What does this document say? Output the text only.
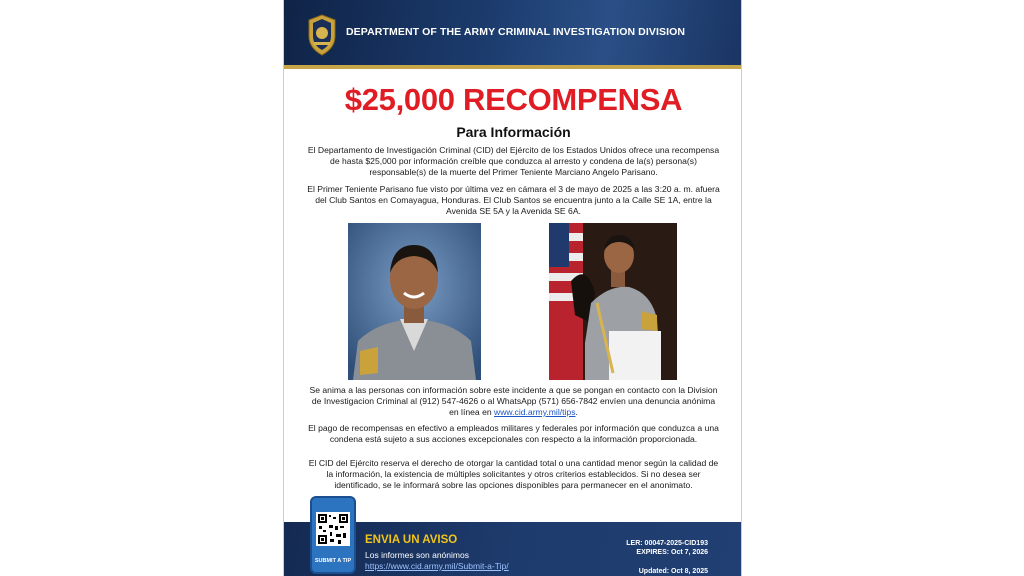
DEPARTMENT OF THE ARMY CRIMINAL INVESTIGATION DIVISION
$25,000 RECOMPENSA
Para Información

El Departamento de Investigación Criminal (CID) del Ejército de los Estados Unidos ofrece una recompensa de hasta $25,000 por información creíble que conduzca al arresto y condena de la(s) persona(s) responsable(s) de la muerte del Primer Teniente Marciano Angelo Parisano.

El Primer Teniente Parisano fue visto por última vez en cámara el 3 de mayo de 2025 a las 3:20 a. m. afuera del Club Santos en Comayagua, Honduras. El Club Santos se encuentra junto a la Calle SE 1A, entre la Avenida SE 5A y la Avenida SE 6A.

Se anima a las personas con información sobre este incidente a que se pongan en contacto con la Division de Investigacion Criminal al (912) 547-4626 o al WhatsApp (571) 656-7842 envíen una denuncia anónima en línea en www.cid.army.mil/tips.

El pago de recompensas en efectivo a empleados militares y federales por información que conduzca a una condena está sujeto a sus acciones excepcionales con respecto a la información proporcionada.

El CID del Ejército reserva el derecho de otorgar la cantidad total o una cantidad menor según la calidad de la información, la existencia de múltiples solicitantes y otros criterios establecidos. Si no desea ser identificado, se le informará sobre las opciones disponibles para permanecer en el anonimato.

SUBMIT A TIP
ENVIA UN AVISO
Los informes son anónimos
https://www.cid.army.mil/Submit-a-Tip/
LER: 00047-2025-CID193
EXPIRES: Oct 7, 2026
Updated: Oct 8, 2025
